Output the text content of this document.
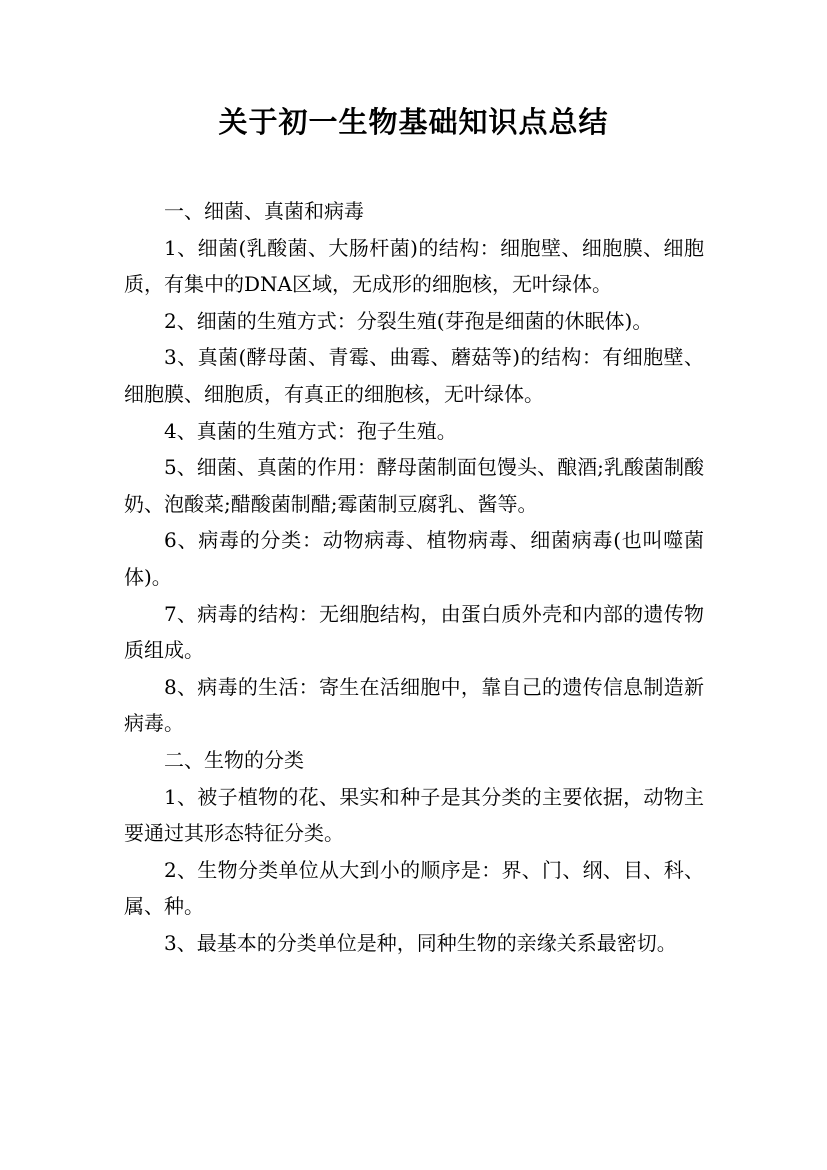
关于初一生物基础知识点总结

一、细菌、真菌和病毒

1、细菌(乳酸菌、大肠杆菌)的结构：细胞壁、细胞膜、细胞质，有集中的DNA区域，无成形的细胞核，无叶绿体。

2、细菌的生殖方式：分裂生殖(芽孢是细菌的休眠体)。

3、真菌(酵母菌、青霉、曲霉、蘑菇等)的结构：有细胞壁、细胞膜、细胞质，有真正的细胞核，无叶绿体。

4、真菌的生殖方式：孢子生殖。

5、细菌、真菌的作用：酵母菌制面包馒头、酿酒;乳酸菌制酸奶、泡酸菜;醋酸菌制醋;霉菌制豆腐乳、酱等。

6、病毒的分类：动物病毒、植物病毒、细菌病毒(也叫噬菌体)。

7、病毒的结构：无细胞结构，由蛋白质外壳和内部的遗传物质组成。

8、病毒的生活：寄生在活细胞中，靠自己的遗传信息制造新病毒。

二、生物的分类

1、被子植物的花、果实和种子是其分类的主要依据，动物主要通过其形态特征分类。

2、生物分类单位从大到小的顺序是：界、门、纲、目、科、属、种。

3、最基本的分类单位是种，同种生物的亲缘关系最密切。
